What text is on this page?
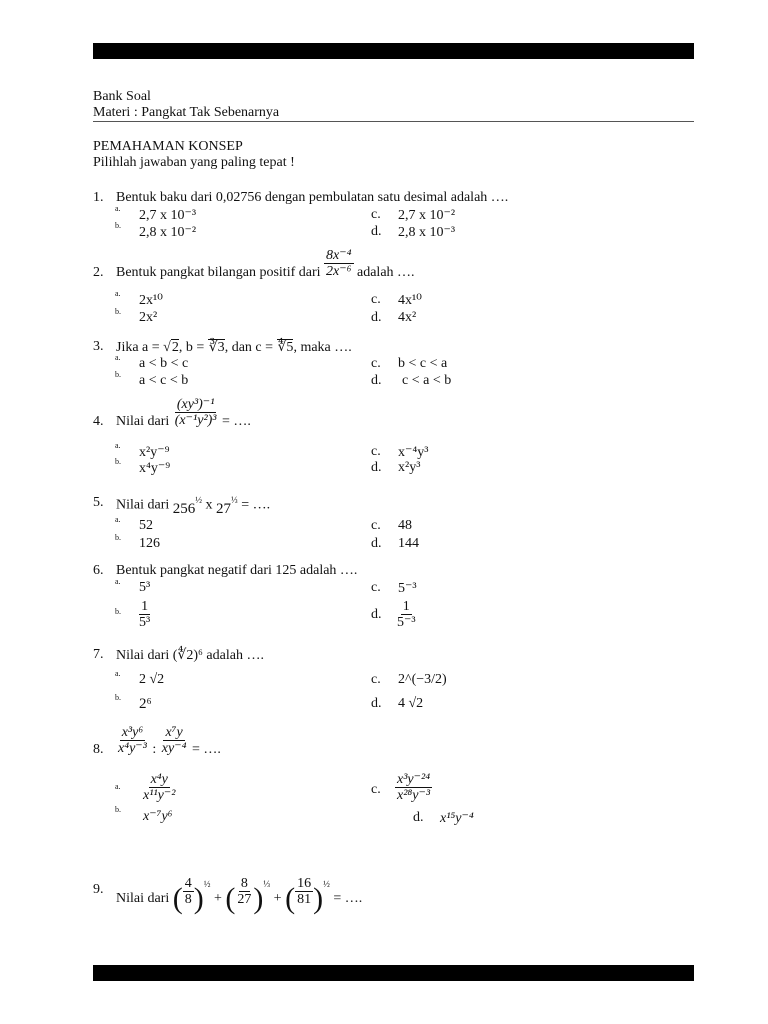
Bank Soal
Materi : Pangkat Tak Sebenarnya
PEMAHAMAN KONSEP
Pilihlah jawaban yang paling tepat !
1. Bentuk baku dari 0,02756 dengan pembulatan satu desimal adalah ….
a. 2,7 x 10⁻³
b. 2,8 x 10⁻²
c. 2,7 x 10⁻²
d. 2,8 x 10⁻³
2. Bentuk pangkat bilangan positif dari $\frac{\text{8x⁻⁴}}{\text{2x⁻⁶}}$ adalah ….
a. 2x¹⁰
b. 2x²
c. 4x¹⁰
d. 4x²
3. Jika a = √2, b = ∛3, dan c = ∜5, maka ….
a. a < b < c
b. a < c < b
c. b < c < a
d. c < a < b
4. Nilai dari $\frac{\text{(xy³)⁻¹}}{\text{(x⁻¹y²)³}}$ = ….
a. x²y⁻⁹
b. x⁴y⁻⁹
c. x⁻⁴y³
d. x²y³
5. Nilai dari $256^{\frac{1}{2}}$ x $27^{\frac{1}{3}}$ = ….
a. 52
b. 126
c. 48
d. 144
6. Bentuk pangkat negatif dari 125 adalah ….
a. 5³
b. $\frac{1}{\text{5³}}$
c. 5⁻³
d. $\frac{1}{\text{5⁻³}}$
7. Nilai dari (∜2)⁶ adalah ….
a. 2 √2
b. 2⁶
c. 2^(−3/2)
d. 4 √2
8. $\frac{\text{x³y⁶}}{\text{x⁴y⁻³}}$ : $\frac{\text{x⁷y}}{\text{xy⁻⁴}}$ = ….
a. $\frac{\text{x⁴y}}{\text{x¹¹y⁻²}}$
b. x⁻⁷y⁶
c. $\frac{\text{x³y⁻²⁴}}{\text{x²⁸y⁻³}}$
d. x¹⁵y⁻⁴
9.
Nilai dari ( $\frac{4}{8} )^{\frac{1}{2}}$ + ( $\frac{8}{27} )^{\frac{1}{3}}$ + ( $\frac{16}{81} )^{\frac{1}{2}}$ = ….
